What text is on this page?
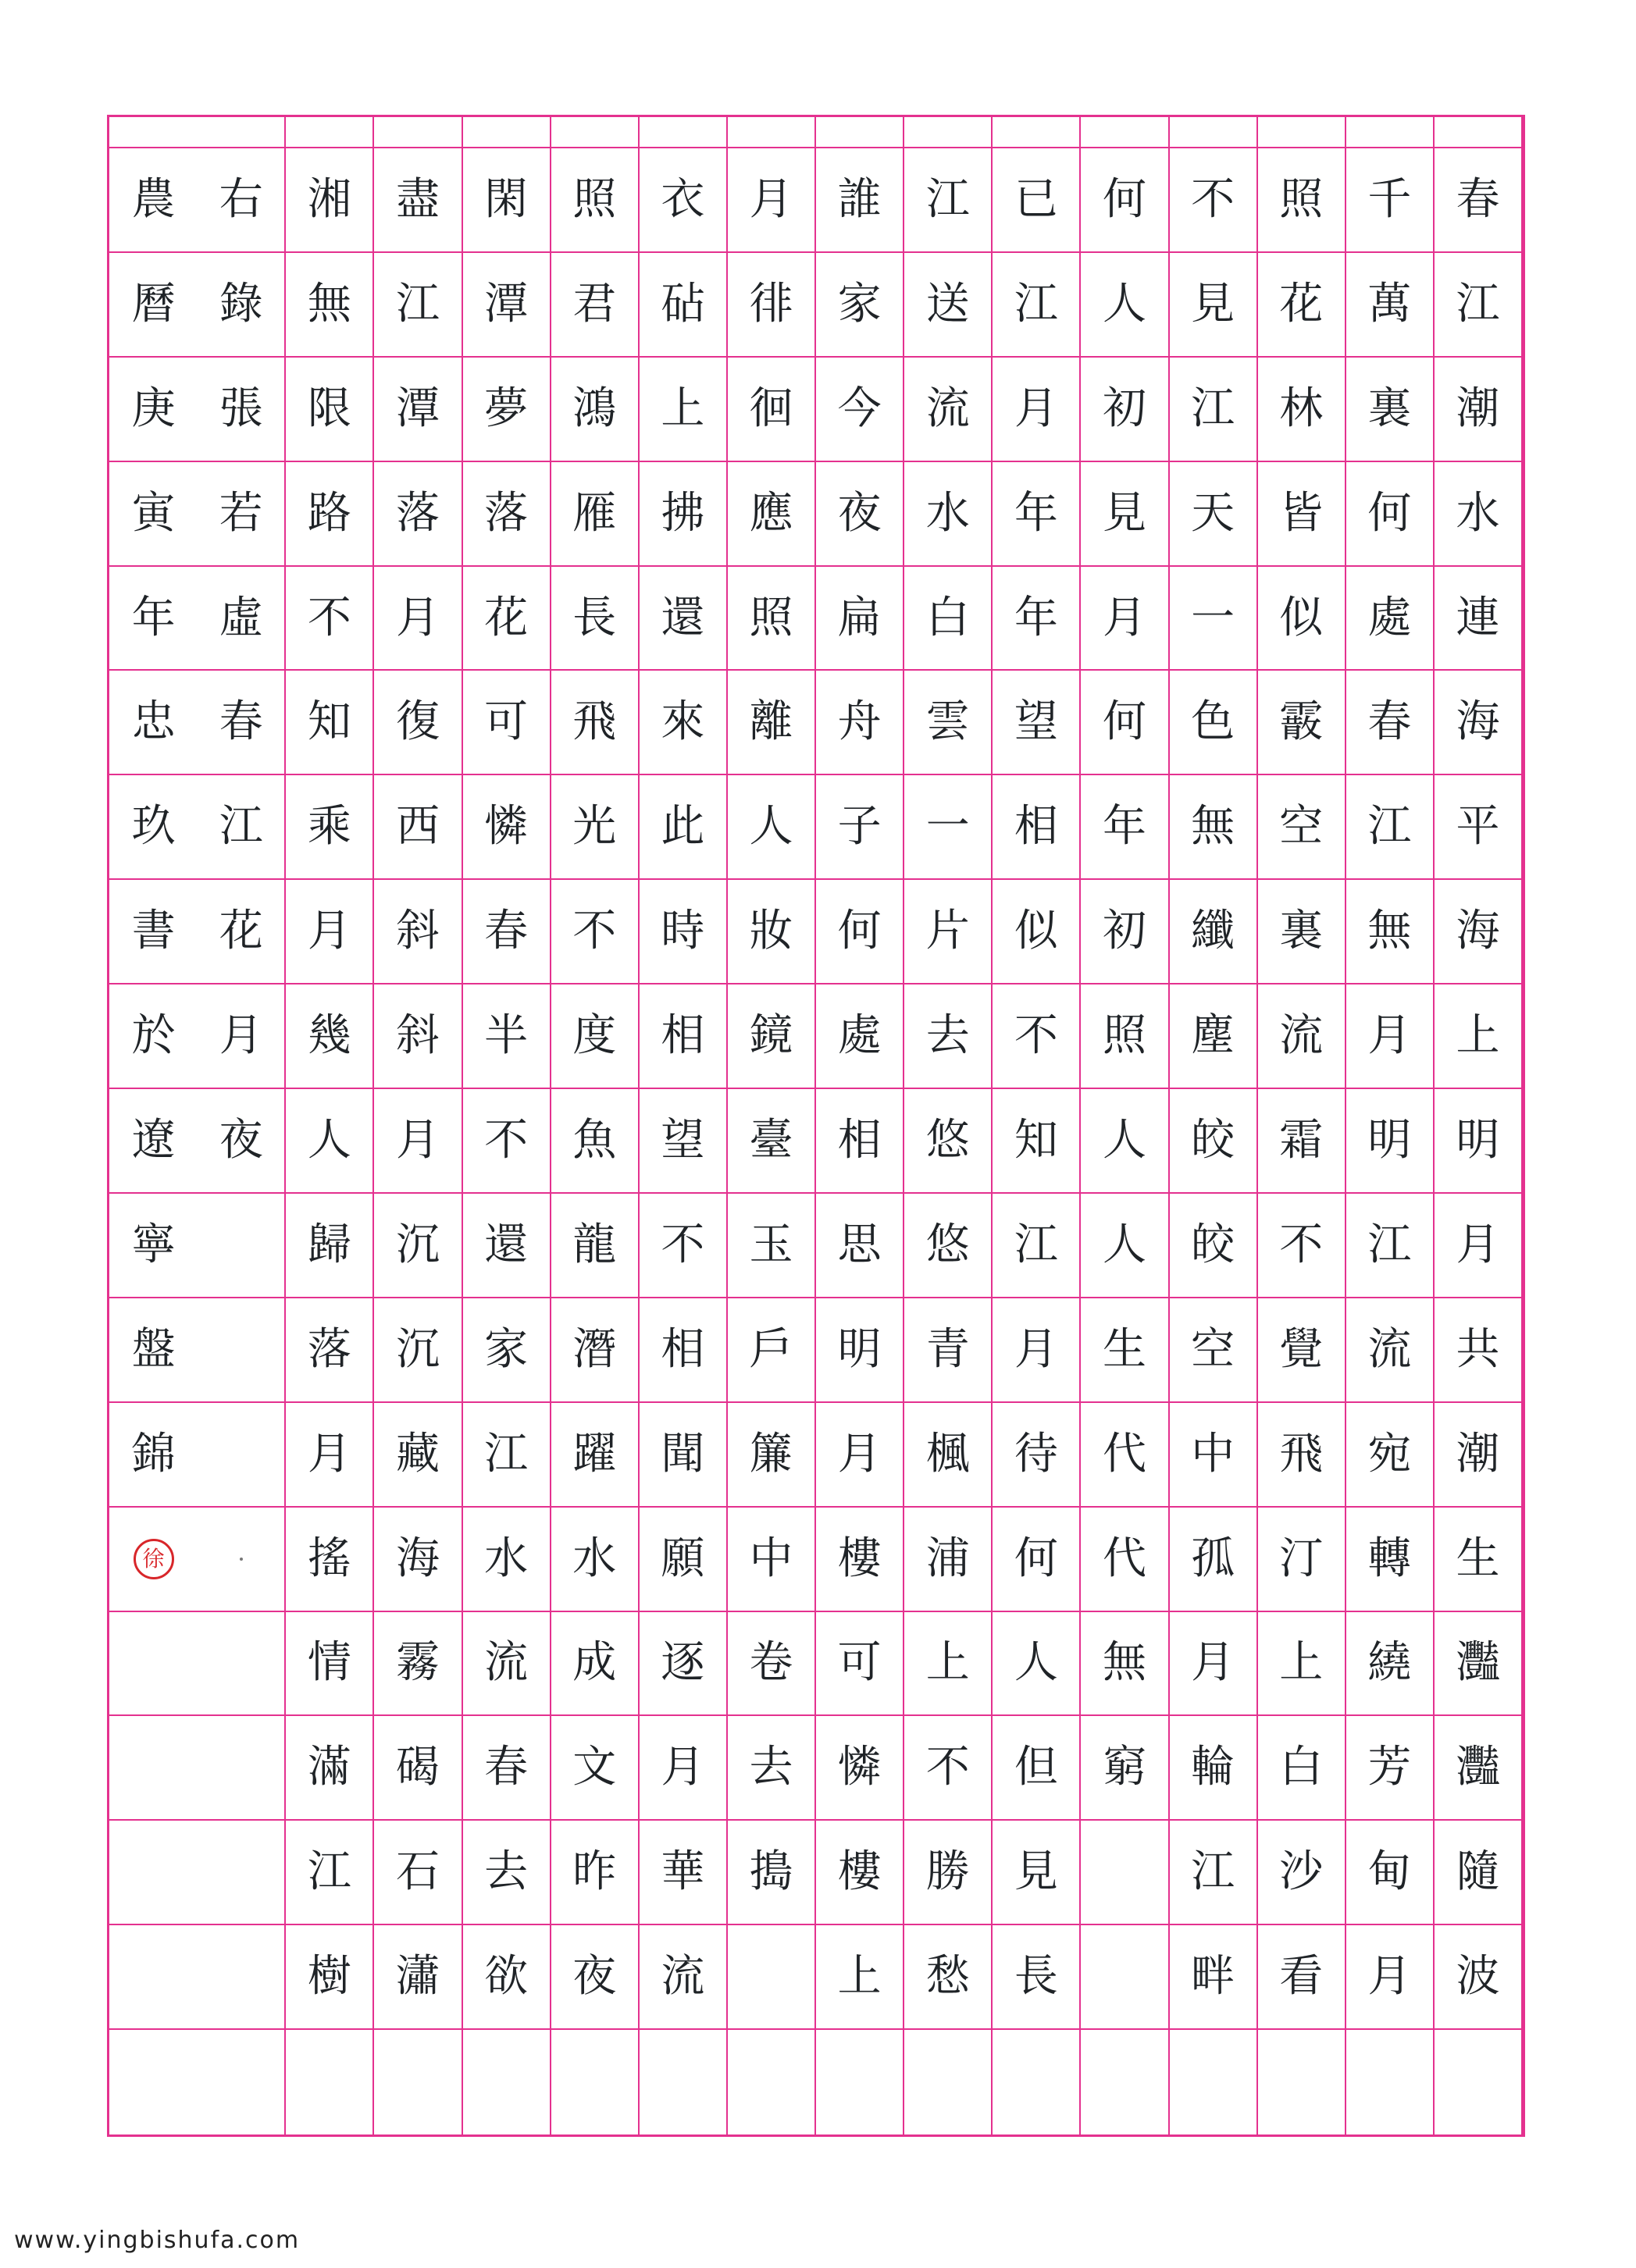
春
江
潮
水
連
海
平
海
上
明
月
共
潮
生
灩
灩
隨
波
千
萬
裏
何
處
春
江
無
月
明
江
流
宛
轉
繞
芳
甸
月
照
花
林
皆
似
霰
空
裏
流
霜
不
覺
飛
汀
上
白
沙
看
不
見
江
天
一
色
無
纖
塵
皎
皎
空
中
孤
月
輪
江
畔
何
人
初
見
月
何
年
初
照
人
人
生
代
代
無
窮
已
江
月
年
年
望
相
似
不
知
江
月
待
何
人
但
見
長
江
送
流
水
白
雲
一
片
去
悠
悠
青
楓
浦
上
不
勝
愁
誰
家
今
夜
扁
舟
子
何
處
相
思
明
月
樓
可
憐
樓
上
月
徘
徊
應
照
離
人
妝
鏡
臺
玉
戶
簾
中
卷
去
搗
衣
砧
上
拂
還
來
此
時
相
望
不
相
聞
願
逐
月
華
流
照
君
鴻
雁
長
飛
光
不
度
魚
龍
潛
躍
水
成
文
昨
夜
閑
潭
夢
落
花
可
憐
春
半
不
還
家
江
水
流
春
去
欲
盡
江
潭
落
月
復
西
斜
斜
月
沉
沉
藏
海
霧
碣
石
瀟
湘
無
限
路
不
知
乘
月
幾
人
歸
落
月
搖
情
滿
江
樹
右
錄
張
若
虛
春
江
花
月
夜
農
曆
庚
寅
年
忠
玖
書
於
遼
寧
盤
錦
徐
www.yingbishufa.com
